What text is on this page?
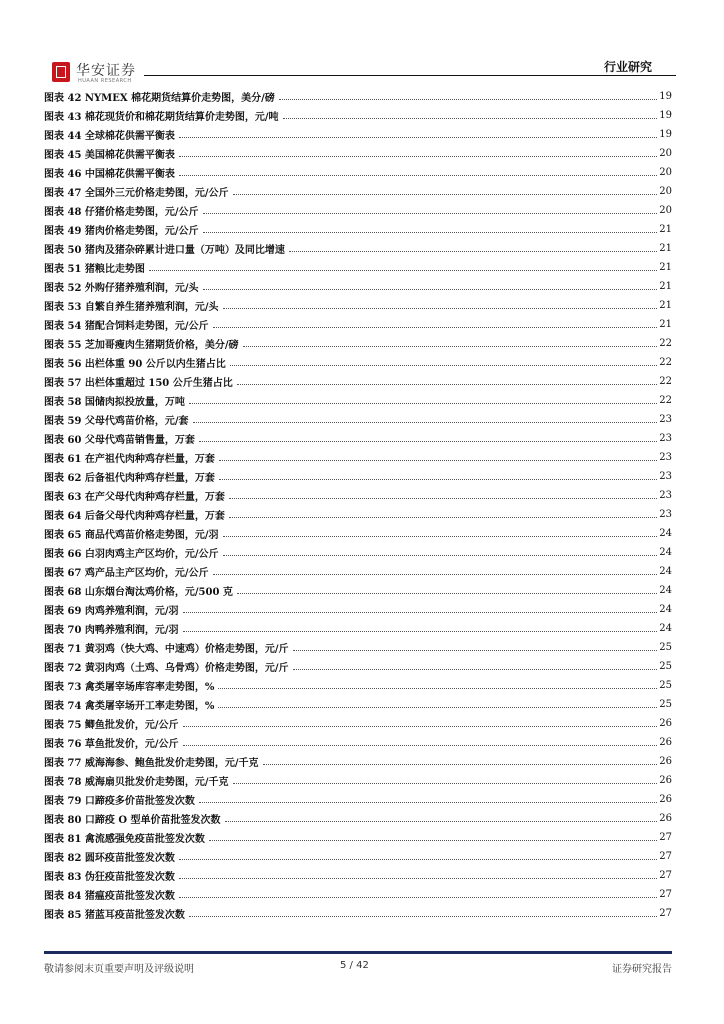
华安证券
HUAAN RESEARCH
行业研究
图表 42 NYMEX 棉花期货结算价走势图，美分/磅	19
图表 43 棉花现货价和棉花期货结算价走势图，元/吨	19
图表 44 全球棉花供需平衡表	19
图表 45 美国棉花供需平衡表	20
图表 46 中国棉花供需平衡表	20
图表 47 全国外三元价格走势图，元/公斤	20
图表 48 仔猪价格走势图，元/公斤	20
图表 49 猪肉价格走势图，元/公斤	21
图表 50 猪肉及猪杂碎累计进口量（万吨）及同比增速	21
图表 51 猪粮比走势图	21
图表 52 外购仔猪养殖利润，元/头	21
图表 53 自繁自养生猪养殖利润，元/头	21
图表 54 猪配合饲料走势图，元/公斤	21
图表 55 芝加哥瘦肉生猪期货价格，美分/磅	22
图表 56 出栏体重 90 公斤以内生猪占比	22
图表 57 出栏体重超过 150 公斤生猪占比	22
图表 58 国储肉拟投放量，万吨	22
图表 59 父母代鸡苗价格，元/套	23
图表 60 父母代鸡苗销售量，万套	23
图表 61 在产祖代肉种鸡存栏量，万套	23
图表 62 后备祖代肉种鸡存栏量，万套	23
图表 63 在产父母代肉种鸡存栏量，万套	23
图表 64 后备父母代肉种鸡存栏量，万套	23
图表 65 商品代鸡苗价格走势图，元/羽	24
图表 66 白羽肉鸡主产区均价，元/公斤	24
图表 67 鸡产品主产区均价，元/公斤	24
图表 68 山东烟台淘汰鸡价格，元/500 克	24
图表 69 肉鸡养殖利润，元/羽	24
图表 70 肉鸭养殖利润，元/羽	24
图表 71 黄羽鸡（快大鸡、中速鸡）价格走势图，元/斤	25
图表 72 黄羽肉鸡（土鸡、乌骨鸡）价格走势图，元/斤	25
图表 73 禽类屠宰场库容率走势图，%	25
图表 74 禽类屠宰场开工率走势图，%	25
图表 75 鲫鱼批发价，元/公斤	26
图表 76 草鱼批发价，元/公斤	26
图表 77 威海海参、鲍鱼批发价走势图，元/千克	26
图表 78 威海扇贝批发价走势图，元/千克	26
图表 79 口蹄疫多价苗批签发次数	26
图表 80 口蹄疫 O 型单价苗批签发次数	26
图表 81 禽流感强免疫苗批签发次数	27
图表 82 圆环疫苗批签发次数	27
图表 83 伪狂疫苗批签发次数	27
图表 84 猪瘟疫苗批签发次数	27
图表 85 猪蓝耳疫苗批签发次数	27
敬请参阅末页重要声明及评级说明	5 / 42	证券研究报告
